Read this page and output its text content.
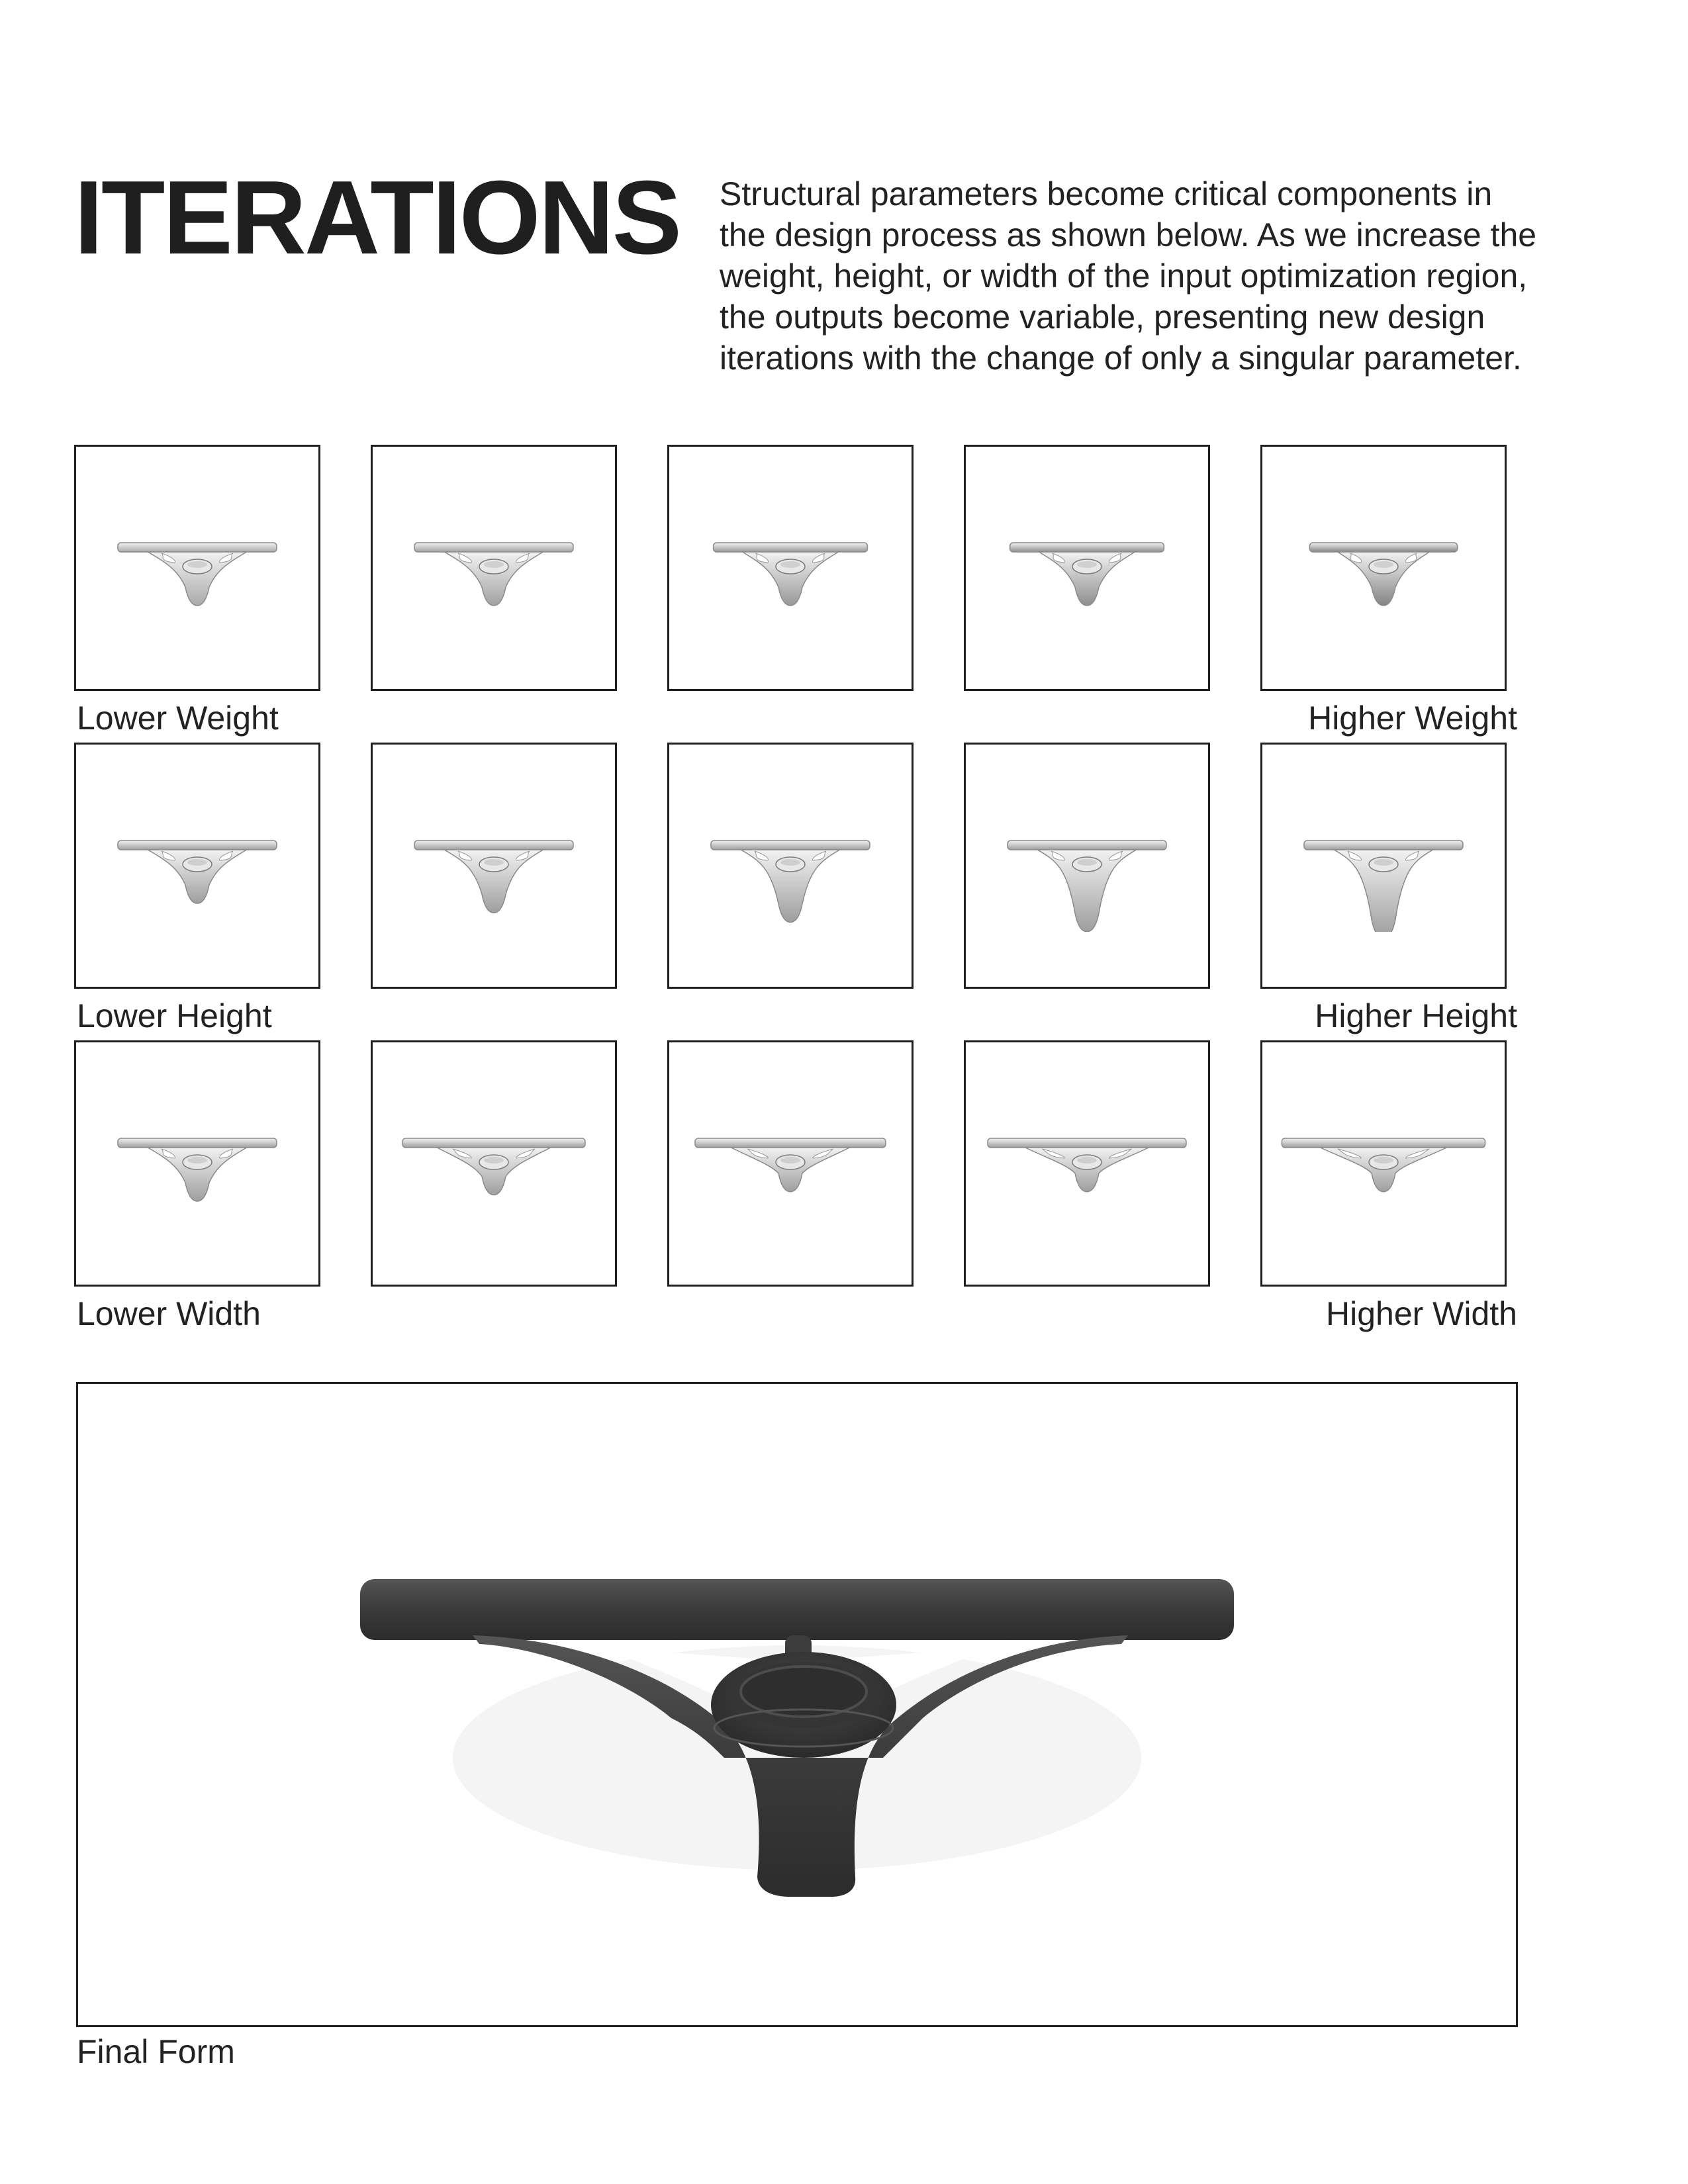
ITERATIONS Structural parameters become critical components in the design process as shown below. As we increase the weight, height, or width of the input optimization region, the outputs become variable, presenting new design iterations with the change of only a singular parameter.

Lower Weight	Higher Weight
Lower Height	Higher Height
Lower Width	Higher Width
Final Form
